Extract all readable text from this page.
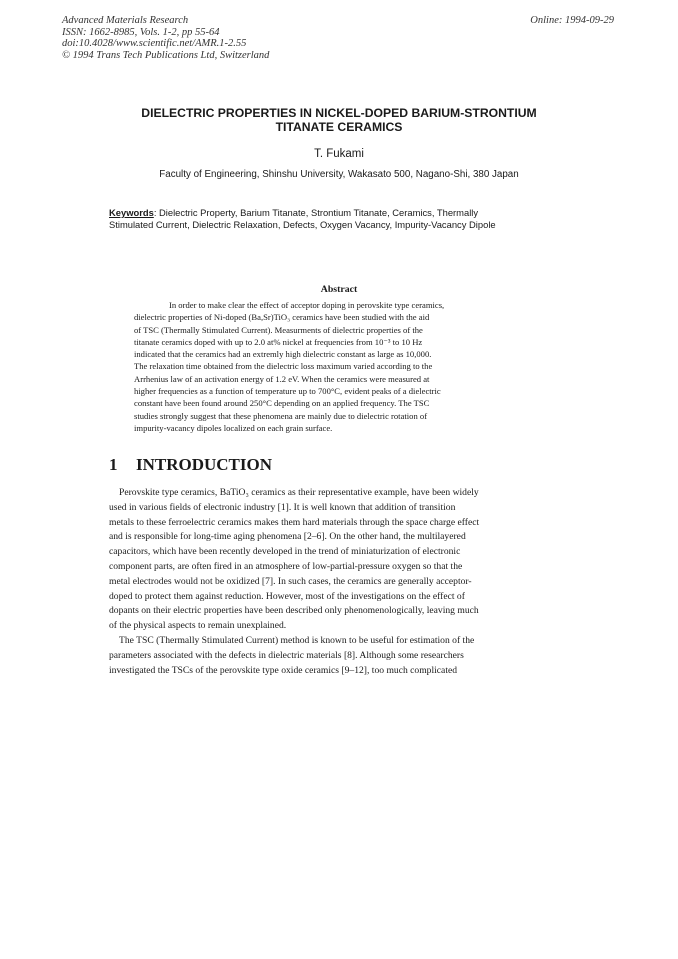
Advanced Materials Research
ISSN: 1662-8985, Vols. 1-2, pp 55-64
doi:10.4028/www.scientific.net/AMR.1-2.55
© 1994 Trans Tech Publications Ltd, Switzerland
Online: 1994-09-29
DIELECTRIC PROPERTIES IN NICKEL-DOPED BARIUM-STRONTIUM
TITANATE CERAMICS
T. Fukami
Faculty of Engineering, Shinshu University, Wakasato 500, Nagano-Shi, 380 Japan
Keywords: Dielectric Property, Barium Titanate, Strontium Titanate, Ceramics, Thermally
Stimulated Current, Dielectric Relaxation, Defects, Oxygen Vacancy, Impurity-Vacancy Dipole
Abstract
In order to make clear the effect of acceptor doping in perovskite type ceramics,
dielectric properties of Ni-doped (Ba,Sr)TiO₃ ceramics have been studied with the aid
of TSC (Thermally Stimulated Current). Measurments of dielectric properties of the
titanate ceramics doped with up to 2.0 at% nickel at frequencies from 10⁻³ to 10 Hz
indicated that the ceramics had an extremly high dielectric constant as large as 10,000.
The relaxation time obtained from the dielectric loss maximum varied according to the
Arrhenius law of an activation energy of 1.2 eV. When the ceramics were measured at
higher frequencies as a function of temperature up to 700°C, evident peaks of a dielectric
constant have been found around 250°C depending on an applied frequency. The TSC
studies strongly suggest that these phenomena are mainly due to dielectric rotation of
impurity-vacancy dipoles localized on each grain surface.
1 INTRODUCTION
Perovskite type ceramics, BaTiO₃ ceramics as their representative example, have been widely
used in various fields of electronic industry [1]. It is well known that addition of transition
metals to these ferroelectric ceramics makes them hard materials through the space charge effect
and is responsible for long-time aging phenomena [2–6]. On the other hand, the multilayered
capacitors, which have been recently developed in the trend of miniaturization of electronic
component parts, are often fired in an atmosphere of low-partial-pressure oxygen so that the
metal electrodes would not be oxidized [7]. In such cases, the ceramics are generally acceptor-
doped to protect them against reduction. However, most of the investigations on the effect of
dopants on their electric properties have been described only phenomenologically, leaving much
of the physical aspects to remain unexplained.
The TSC (Thermally Stimulated Current) method is known to be useful for estimation of the
parameters associated with the defects in dielectric materials [8]. Although some researchers
investigated the TSCs of the perovskite type oxide ceramics [9–12], too much complicated
